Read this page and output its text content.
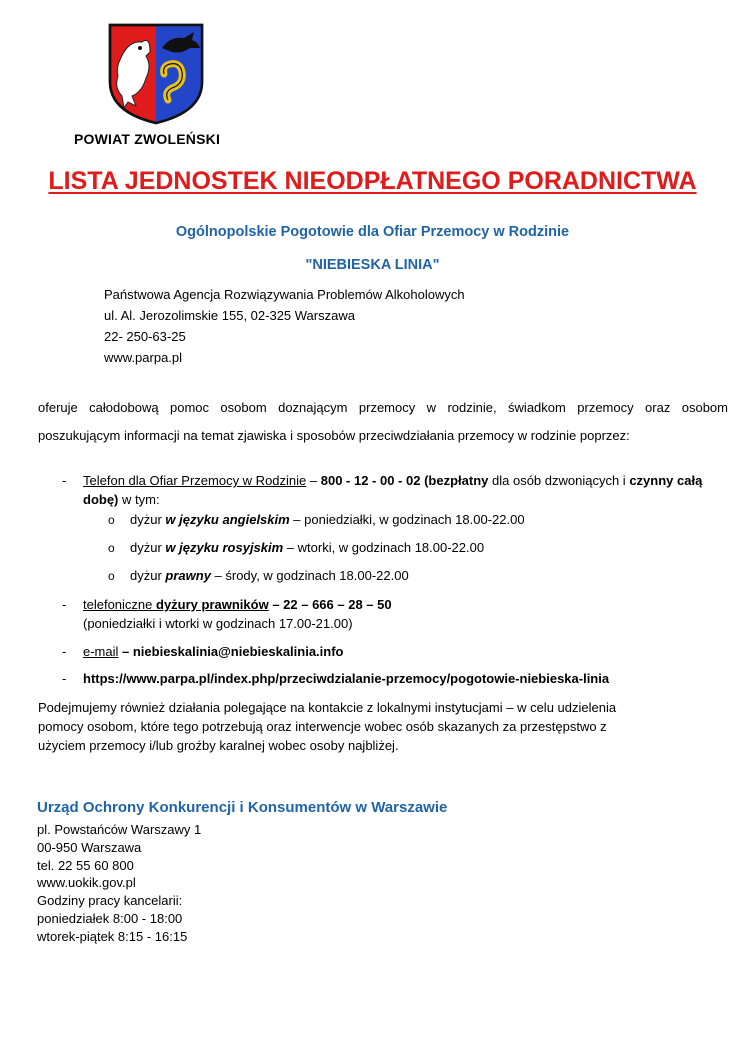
POWIAT ZWOLEŃSKI
LISTA JEDNOSTEK NIEODPŁATNEGO PORADNICTWA
Ogólnopolskie Pogotowie dla Ofiar Przemocy w Rodzinie
"NIEBIESKA LINIA"
Państwowa Agencja Rozwiązywania Problemów Alkoholowych
ul. Al. Jerozolimskie 155, 02-325 Warszawa
22- 250-63-25
www.parpa.pl
oferuje całodobową pomoc osobom doznającym przemocy w rodzinie, świadkom przemocy oraz osobom
poszukującym informacji na temat zjawiska i sposobów przeciwdziałania przemocy w rodzinie poprzez:
- Telefon dla Ofiar Przemocy w Rodzinie – 800 - 12 - 00 - 02 (bezpłatny dla osób dzwoniących i czynny całą dobę) w tym:
o dyżur w języku angielskim – poniedziałki, w godzinach 18.00-22.00
o dyżur w języku rosyjskim – wtorki, w godzinach 18.00-22.00
o dyżur prawny – środy, w godzinach 18.00-22.00
- telefoniczne dyżury prawników – 22 – 666 – 28 – 50
(poniedziałki i wtorki w godzinach 17.00-21.00)
- e-mail – niebieskalinia@niebieskalinia.info
- https://www.parpa.pl/index.php/przeciwdzialanie-przemocy/pogotowie-niebieska-linia
Podejmujemy również działania polegające na kontakcie z lokalnymi instytucjami – w celu udzielenia
pomocy osobom, które tego potrzebują oraz interwencje wobec osób skazanych za przestępstwo z
użyciem przemocy i/lub groźby karalnej wobec osoby najbliżej.
Urząd Ochrony Konkurencji i Konsumentów w Warszawie
pl. Powstańców Warszawy 1
00-950 Warszawa
tel. 22 55 60 800
www.uokik.gov.pl
Godziny pracy kancelarii:
poniedziałek 8:00 - 18:00
wtorek-piątek 8:15 - 16:15
